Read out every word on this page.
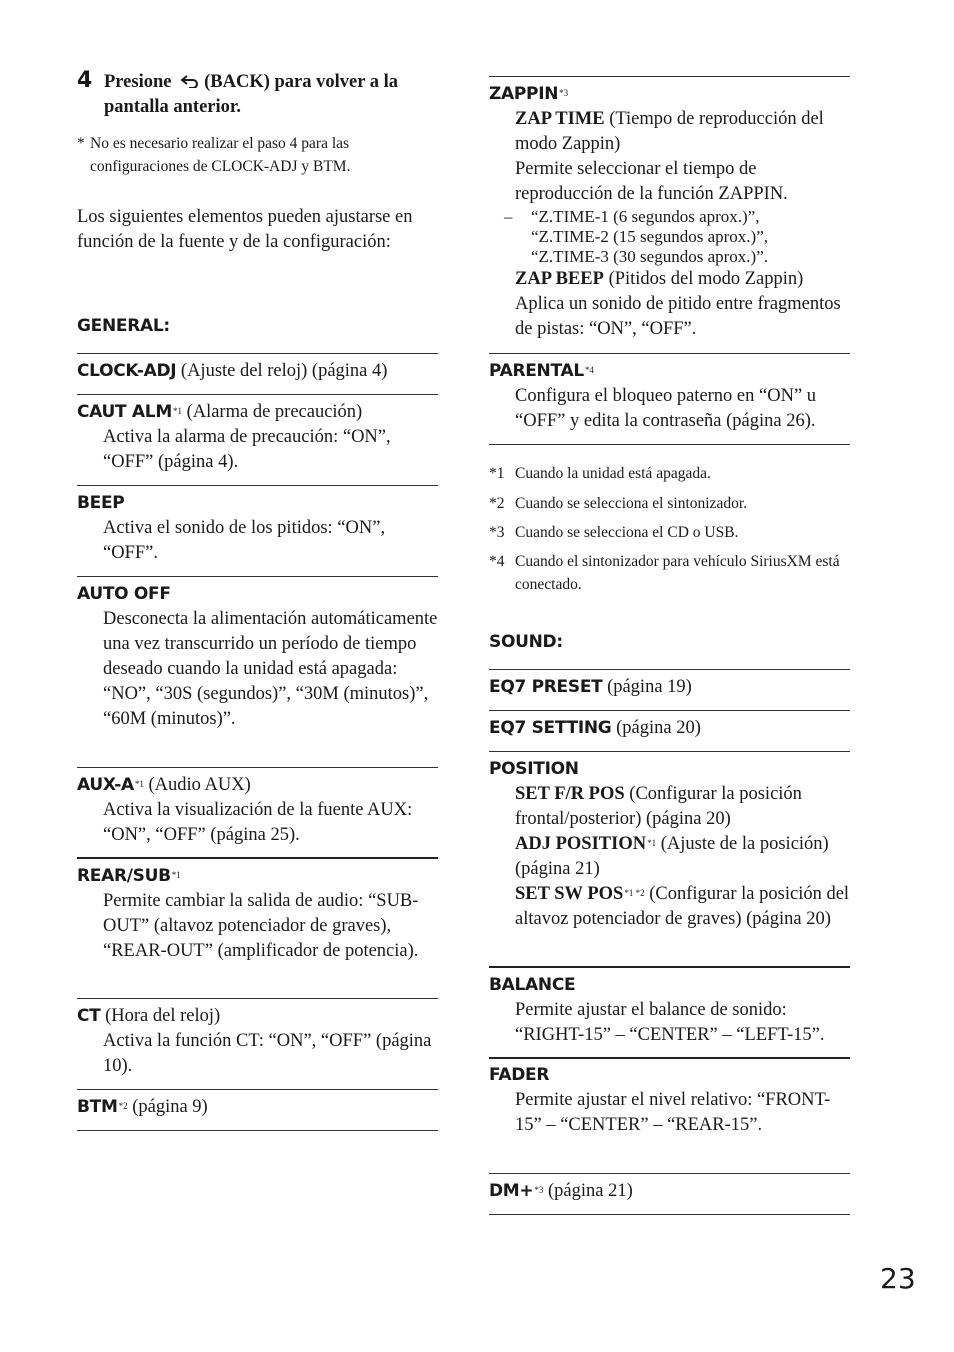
4 Presione (BACK) para volver a la pantalla anterior.
* No es necesario realizar el paso 4 para las configuraciones de CLOCK-ADJ y BTM.
Los siguientes elementos pueden ajustarse en función de la fuente y de la configuración:
GENERAL:
CLOCK-ADJ (Ajuste del reloj) (página 4)
CAUT ALM$^{*1}$ (Alarma de precaución)
Activa la alarma de precaución: “ON”, “OFF” (página 4).
BEEP
Activa el sonido de los pitidos: “ON”, “OFF”.
AUTO OFF
Desconecta la alimentación automáticamente una vez transcurrido un período de tiempo deseado cuando la unidad está apagada: “NO”, “30S (segundos)”, “30M (minutos)”, “60M (minutos)”.
AUX-$A^{*1}$ (Audio AUX)
Activa la visualización de la fuente AUX: “ON”, “OFF” (página 25).
REAR/SUB$^{*1}$
Permite cambiar la salida de audio: “SUB-OUT” (altavoz potenciador de graves), “REAR-OUT” (amplificador de potencia).
CT (Hora del reloj)
Activa la función CT: “ON”, “OFF” (página 10).
BTM$^{*2}$ (página 9)
ZAPPIN$^{*3}$
ZAP TIME (Tiempo de reproducción del modo Zappin)
Permite seleccionar el tiempo de reproducción de la función ZAPPIN.
– “Z.TIME-1 (6 segundos aprox.)”,
“Z.TIME-2 (15 segundos aprox.)”,
“Z.TIME-3 (30 segundos aprox.)”.
ZAP BEEP (Pitidos del modo Zappin)
Aplica un sonido de pitido entre fragmentos de pistas: “ON”, “OFF”.
PARENTAL$^{*4}$
Configura el bloqueo paterno en “ON” u “OFF” y edita la contraseña (página 26).
*1 Cuando la unidad está apagada.
*2 Cuando se selecciona el sintonizador.
*3 Cuando se selecciona el CD o USB.
*4 Cuando el sintonizador para vehículo SiriusXM está conectado.
SOUND:
EQ7 PRESET (página 19)
EQ7 SETTING (página 20)
POSITION
SET F/R POS (Configurar la posición frontal/posterior) (página 20)
ADJ POSITION$^{*1}$ (Ajuste de la posición) (página 21)
SET SW $POS^{*1 *2}$ (Configurar la posición del altavoz potenciador de graves) (página 20)
BALANCE
Permite ajustar el balance de sonido: “RIGHT-15” – “CENTER” – “LEFT-15”.
FADER
Permite ajustar el nivel relativo: “FRONT-15” – “CENTER” – “REAR-15”.
DM+$^{*3}$ (página 21)
23
